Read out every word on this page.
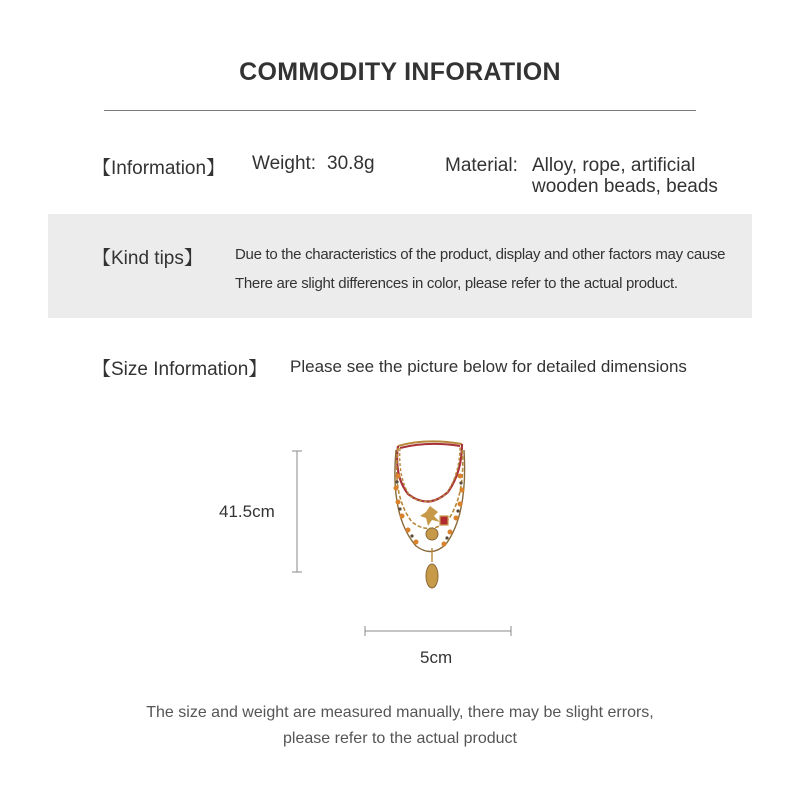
COMMODITY INFORATION
【Information】 Weight: 30.8g	Material: Alloy, rope, artificial
wooden beads, beads
【Kind tips】 Due to the characteristics of the product, display and other factors may cause
There are slight differences in color, please refer to the actual product.
【Size Information】 Please see the picture below for detailed dimensions
41.5cm
5cm
The size and weight are measured manually, there may be slight errors,
please refer to the actual product
